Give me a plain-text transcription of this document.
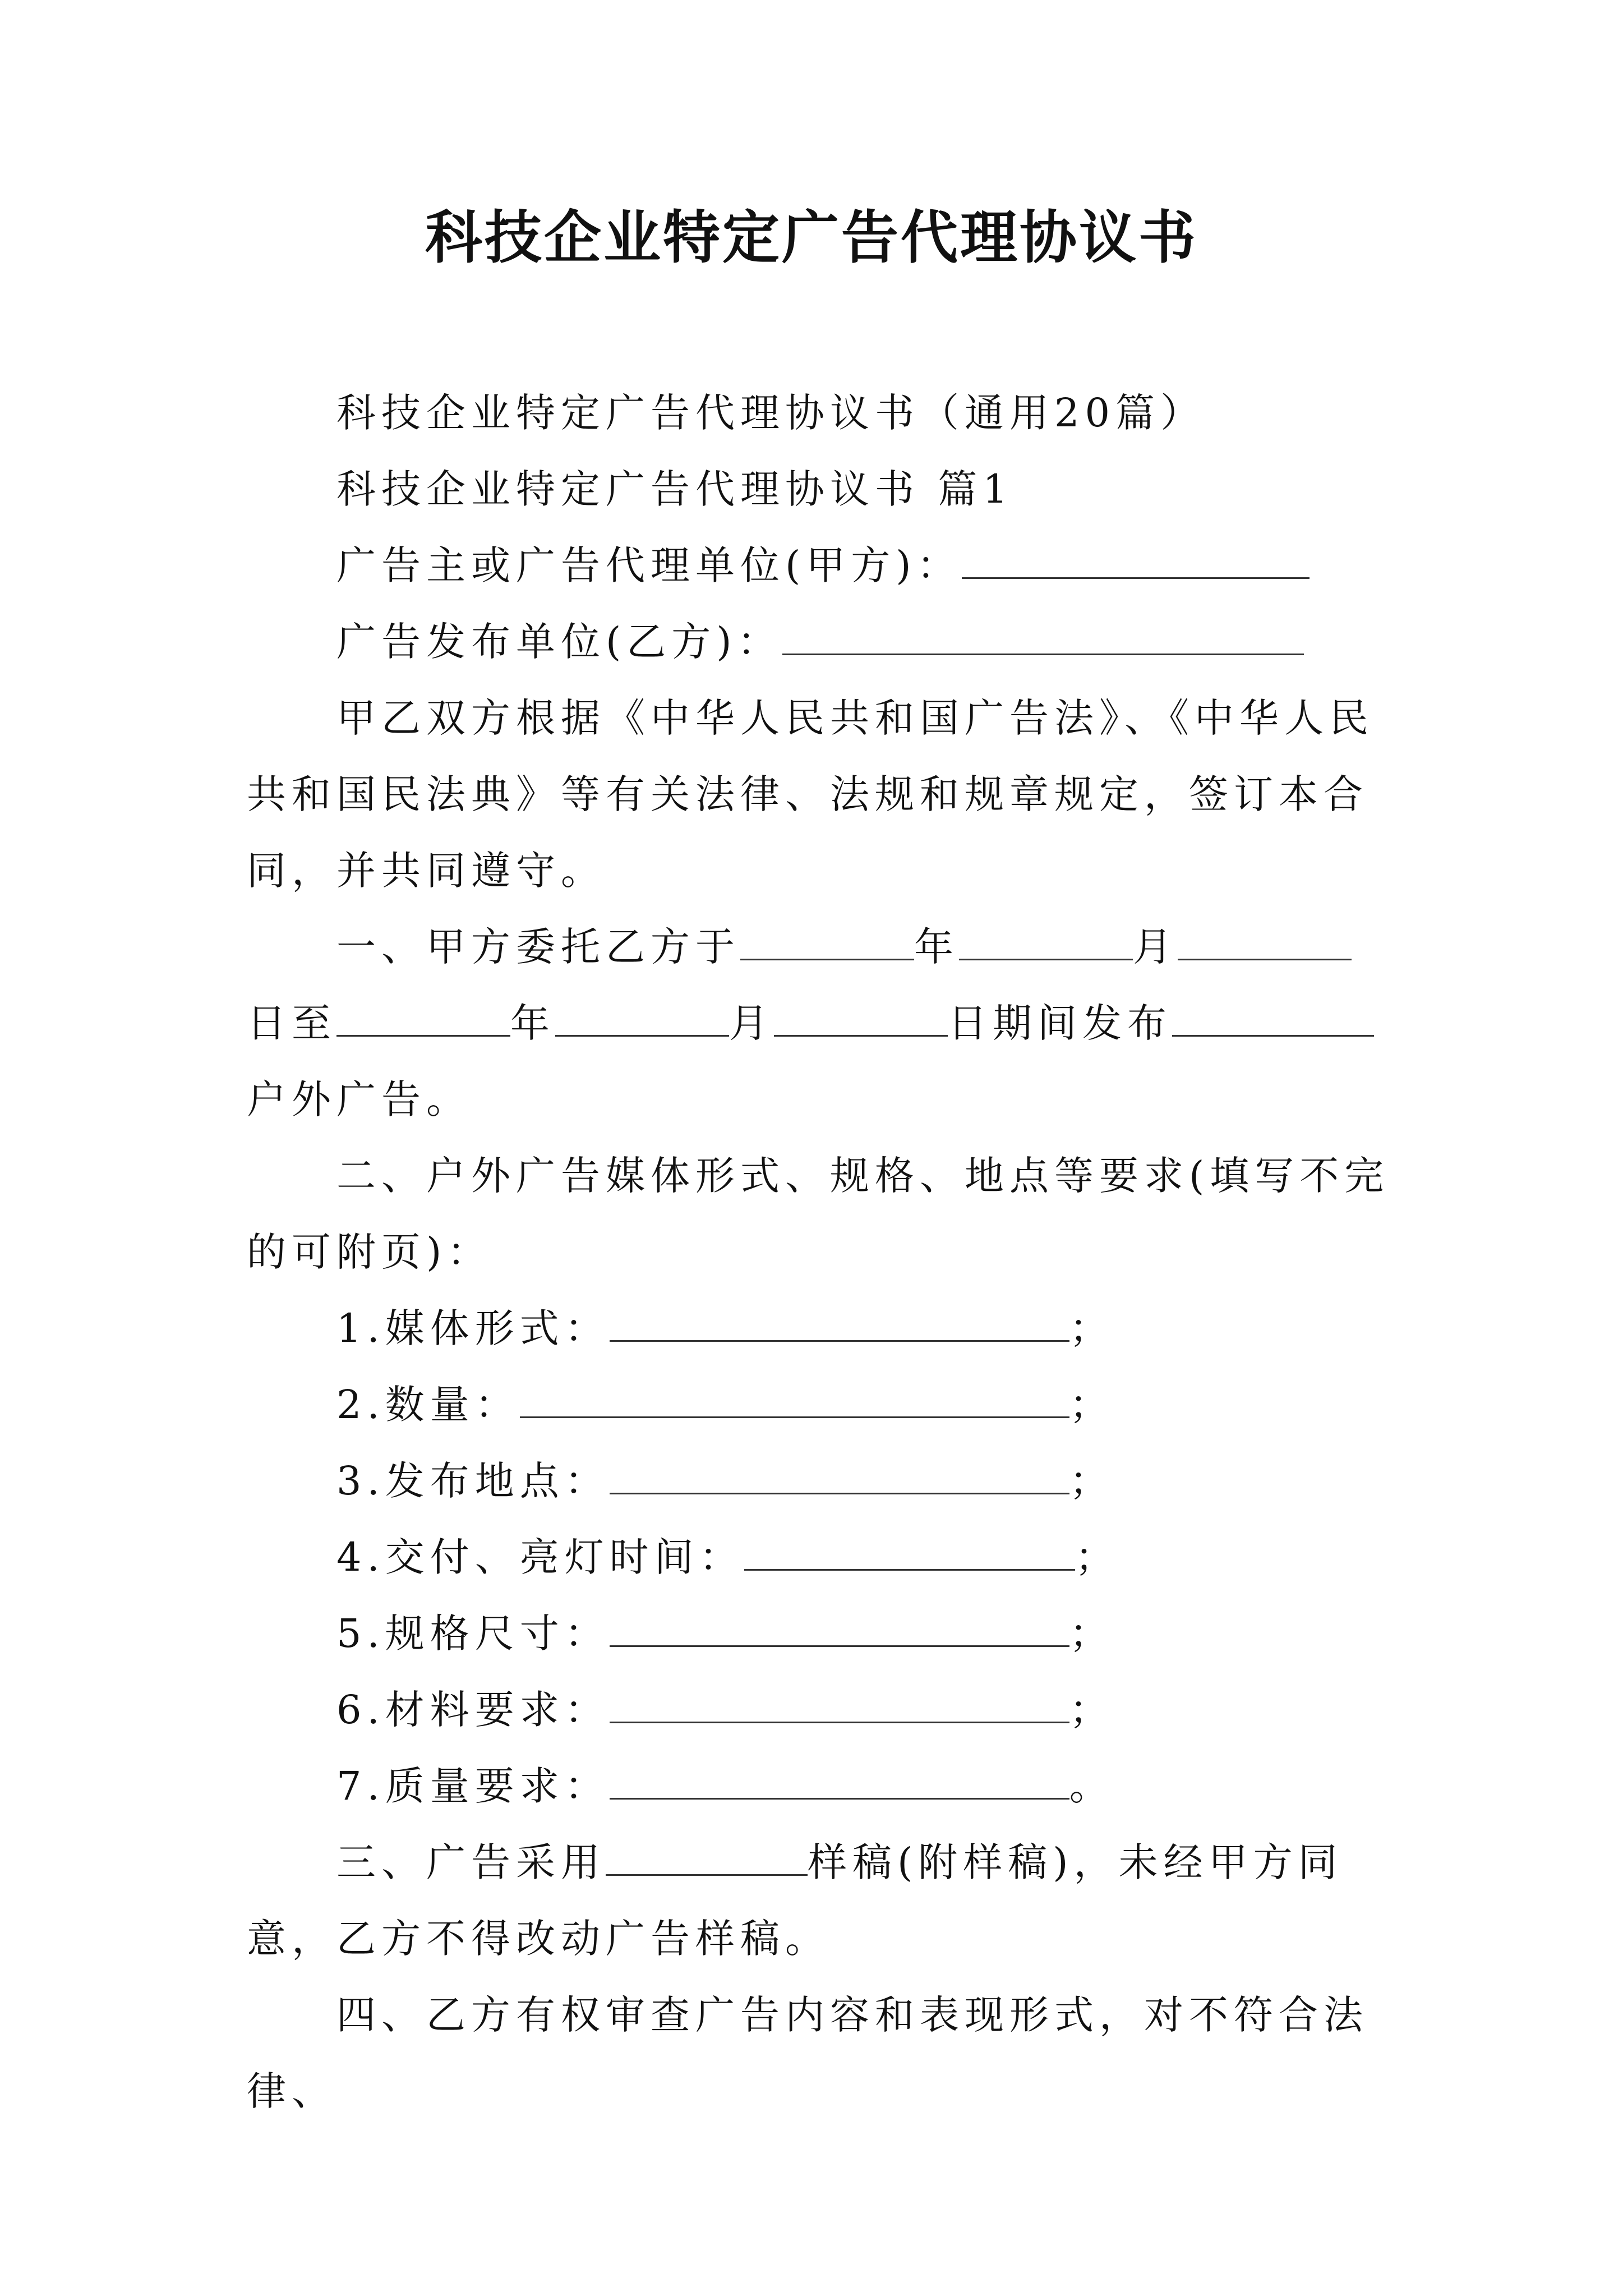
科技企业特定广告代理协议书

科技企业特定广告代理协议书（通用20篇）

科技企业特定广告代理协议书 篇1

广告主或广告代理单位(甲方)：

广告发布单位(乙方)：

甲乙双方根据《中华人民共和国广告法》、《中华人民共和国民法典》等有关法律、法规和规章规定，签订本合同，并共同遵守。

一、甲方委托乙方于	年	月日至	年	月	日期间发布户外广告。

二、户外广告媒体形式、规格、地点等要求(填写不完的可附页)：

1.媒体形式：	；

2.数量：	；

3.发布地点：	；

4.交付、亮灯时间：	；

5.规格尺寸：	；

6.材料要求：	；

7.质量要求：	。

三、广告采用	样稿(附样稿)，未经甲方同意，乙方不得改动广告样稿。

四、乙方有权审查广告内容和表现形式，对不符合法律、
